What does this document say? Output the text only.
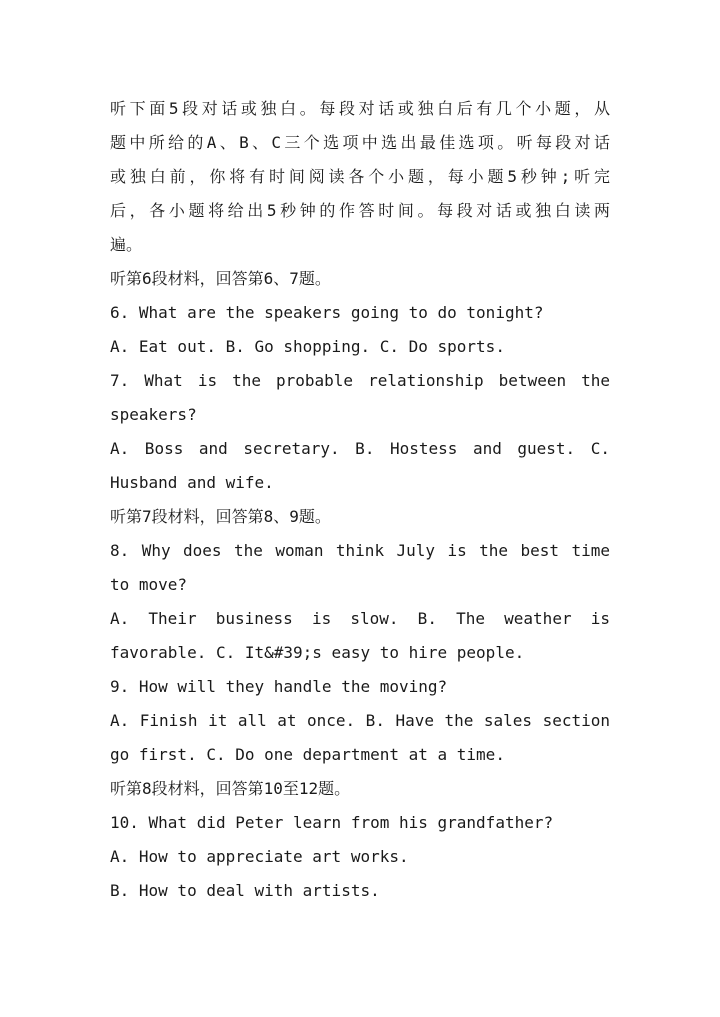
听下面5段对话或独白。每段对话或独白后有几个小题，从
题中所给的A、B、C三个选项中选出最佳选项。听每段对话
或独白前，你将有时间阅读各个小题，每小题5秒钟;听完
后，各小题将给出5秒钟的作答时间。每段对话或独白读两
遍。
听第6段材料，回答第6、7题。
6. What are the speakers going to do tonight?
A. Eat out. B. Go shopping. C. Do sports.
7. What is the probable relationship between the
speakers?
A. Boss and secretary. B. Hostess and guest. C.
Husband and wife.
听第7段材料，回答第8、9题。
8. Why does the woman think July is the best time
to move?
A. Their business is slow. B. The weather is
favorable. C. It&#39;s easy to hire people.
9. How will they handle the moving?
A. Finish it all at once. B. Have the sales section
go first. C. Do one department at a time.
听第8段材料，回答第10至12题。
10. What did Peter learn from his grandfather?
A. How to appreciate art works.
B. How to deal with artists.
